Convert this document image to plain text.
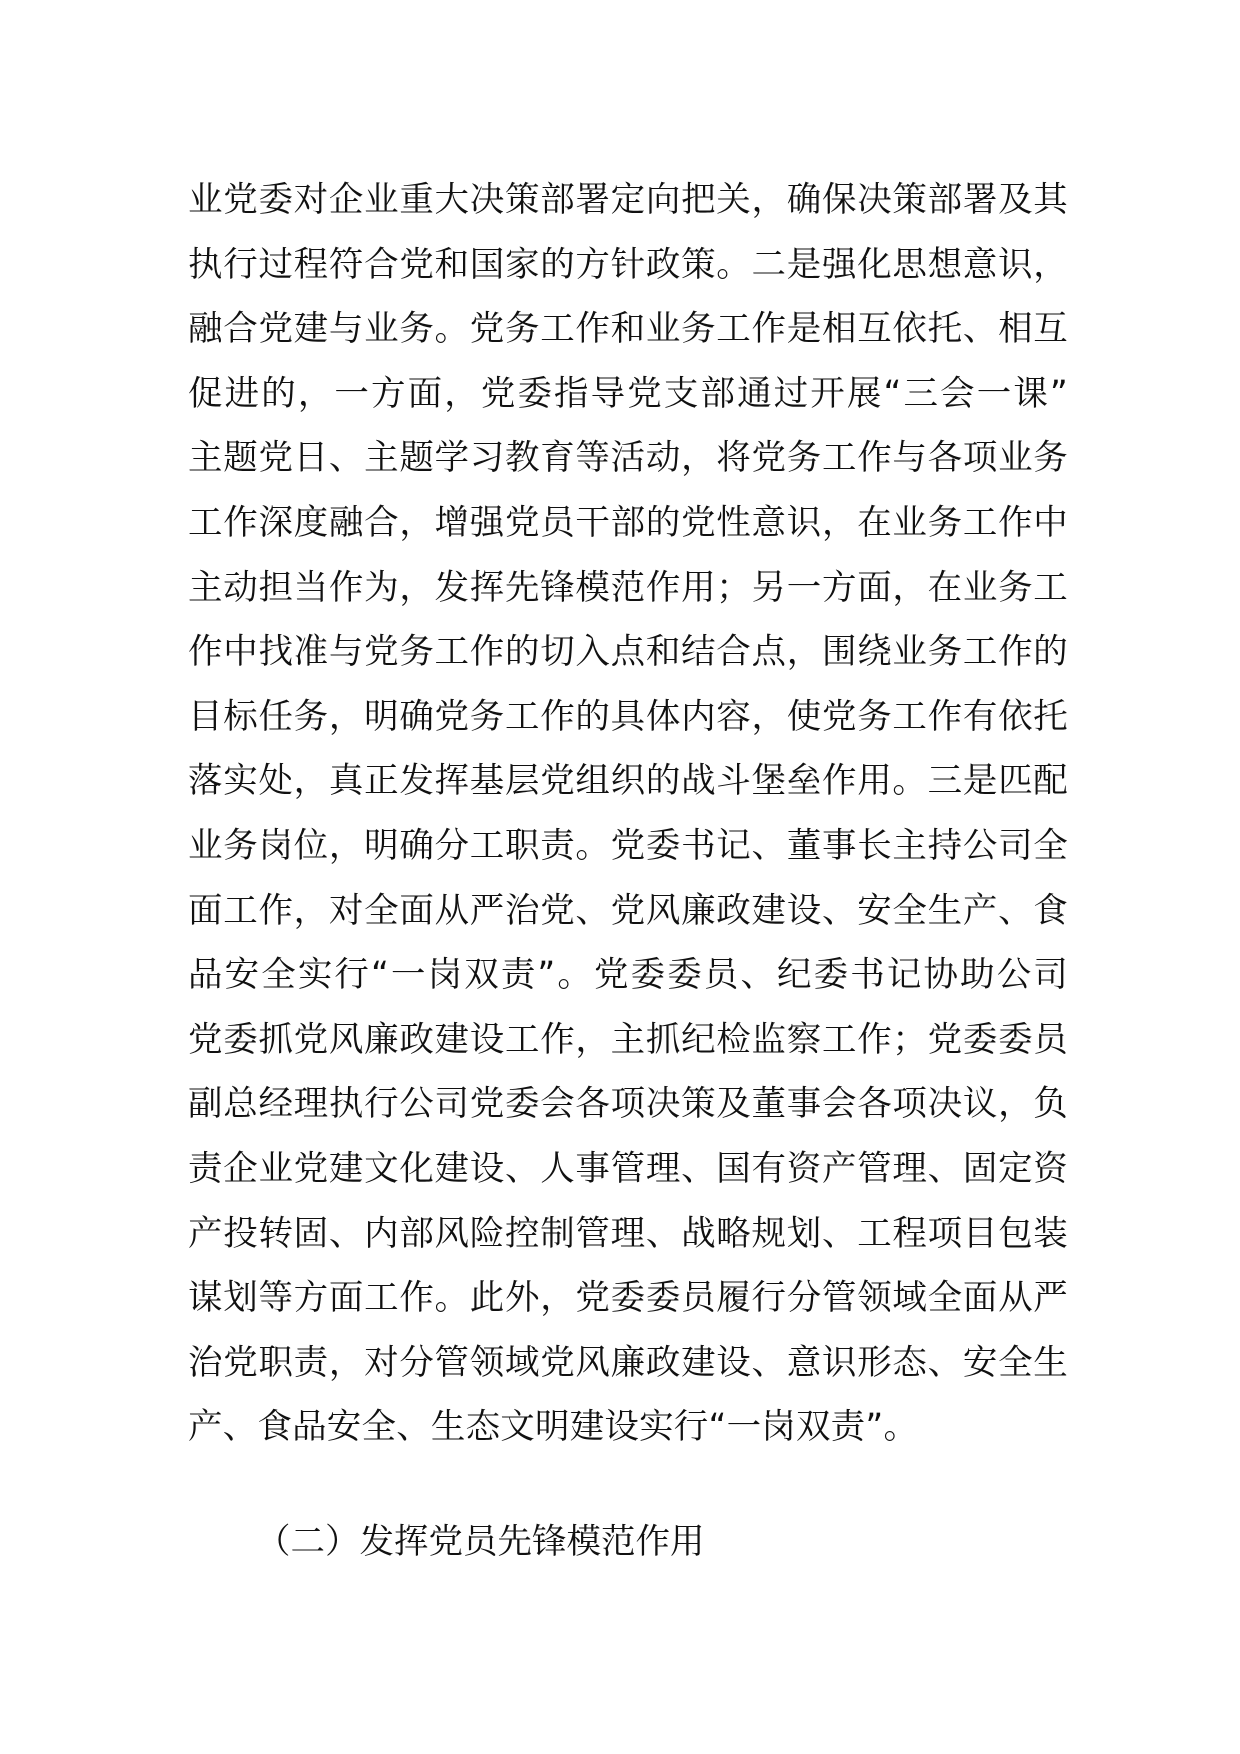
业党委对企业重大决策部署定向把关，确保决策部署及其
执行过程符合党和国家的方针政策。二是强化思想意识，
融合党建与业务。党务工作和业务工作是相互依托、相互
促进的，一方面，党委指导党支部通过开展“三会一课”
主题党日、主题学习教育等活动，将党务工作与各项业务
工作深度融合，增强党员干部的党性意识，在业务工作中
主动担当作为，发挥先锋模范作用；另一方面，在业务工
作中找准与党务工作的切入点和结合点，围绕业务工作的
目标任务，明确党务工作的具体内容，使党务工作有依托
落实处，真正发挥基层党组织的战斗堡垒作用。三是匹配
业务岗位，明确分工职责。党委书记、董事长主持公司全
面工作，对全面从严治党、党风廉政建设、安全生产、食
品安全实行“一岗双责”。党委委员、纪委书记协助公司
党委抓党风廉政建设工作，主抓纪检监察工作；党委委员
副总经理执行公司党委会各项决策及董事会各项决议，负
责企业党建文化建设、人事管理、国有资产管理、固定资
产投转固、内部风险控制管理、战略规划、工程项目包装
谋划等方面工作。此外，党委委员履行分管领域全面从严
治党职责，对分管领域党风廉政建设、意识形态、安全生
产、食品安全、生态文明建设实行“一岗双责”。
（二）发挥党员先锋模范作用
